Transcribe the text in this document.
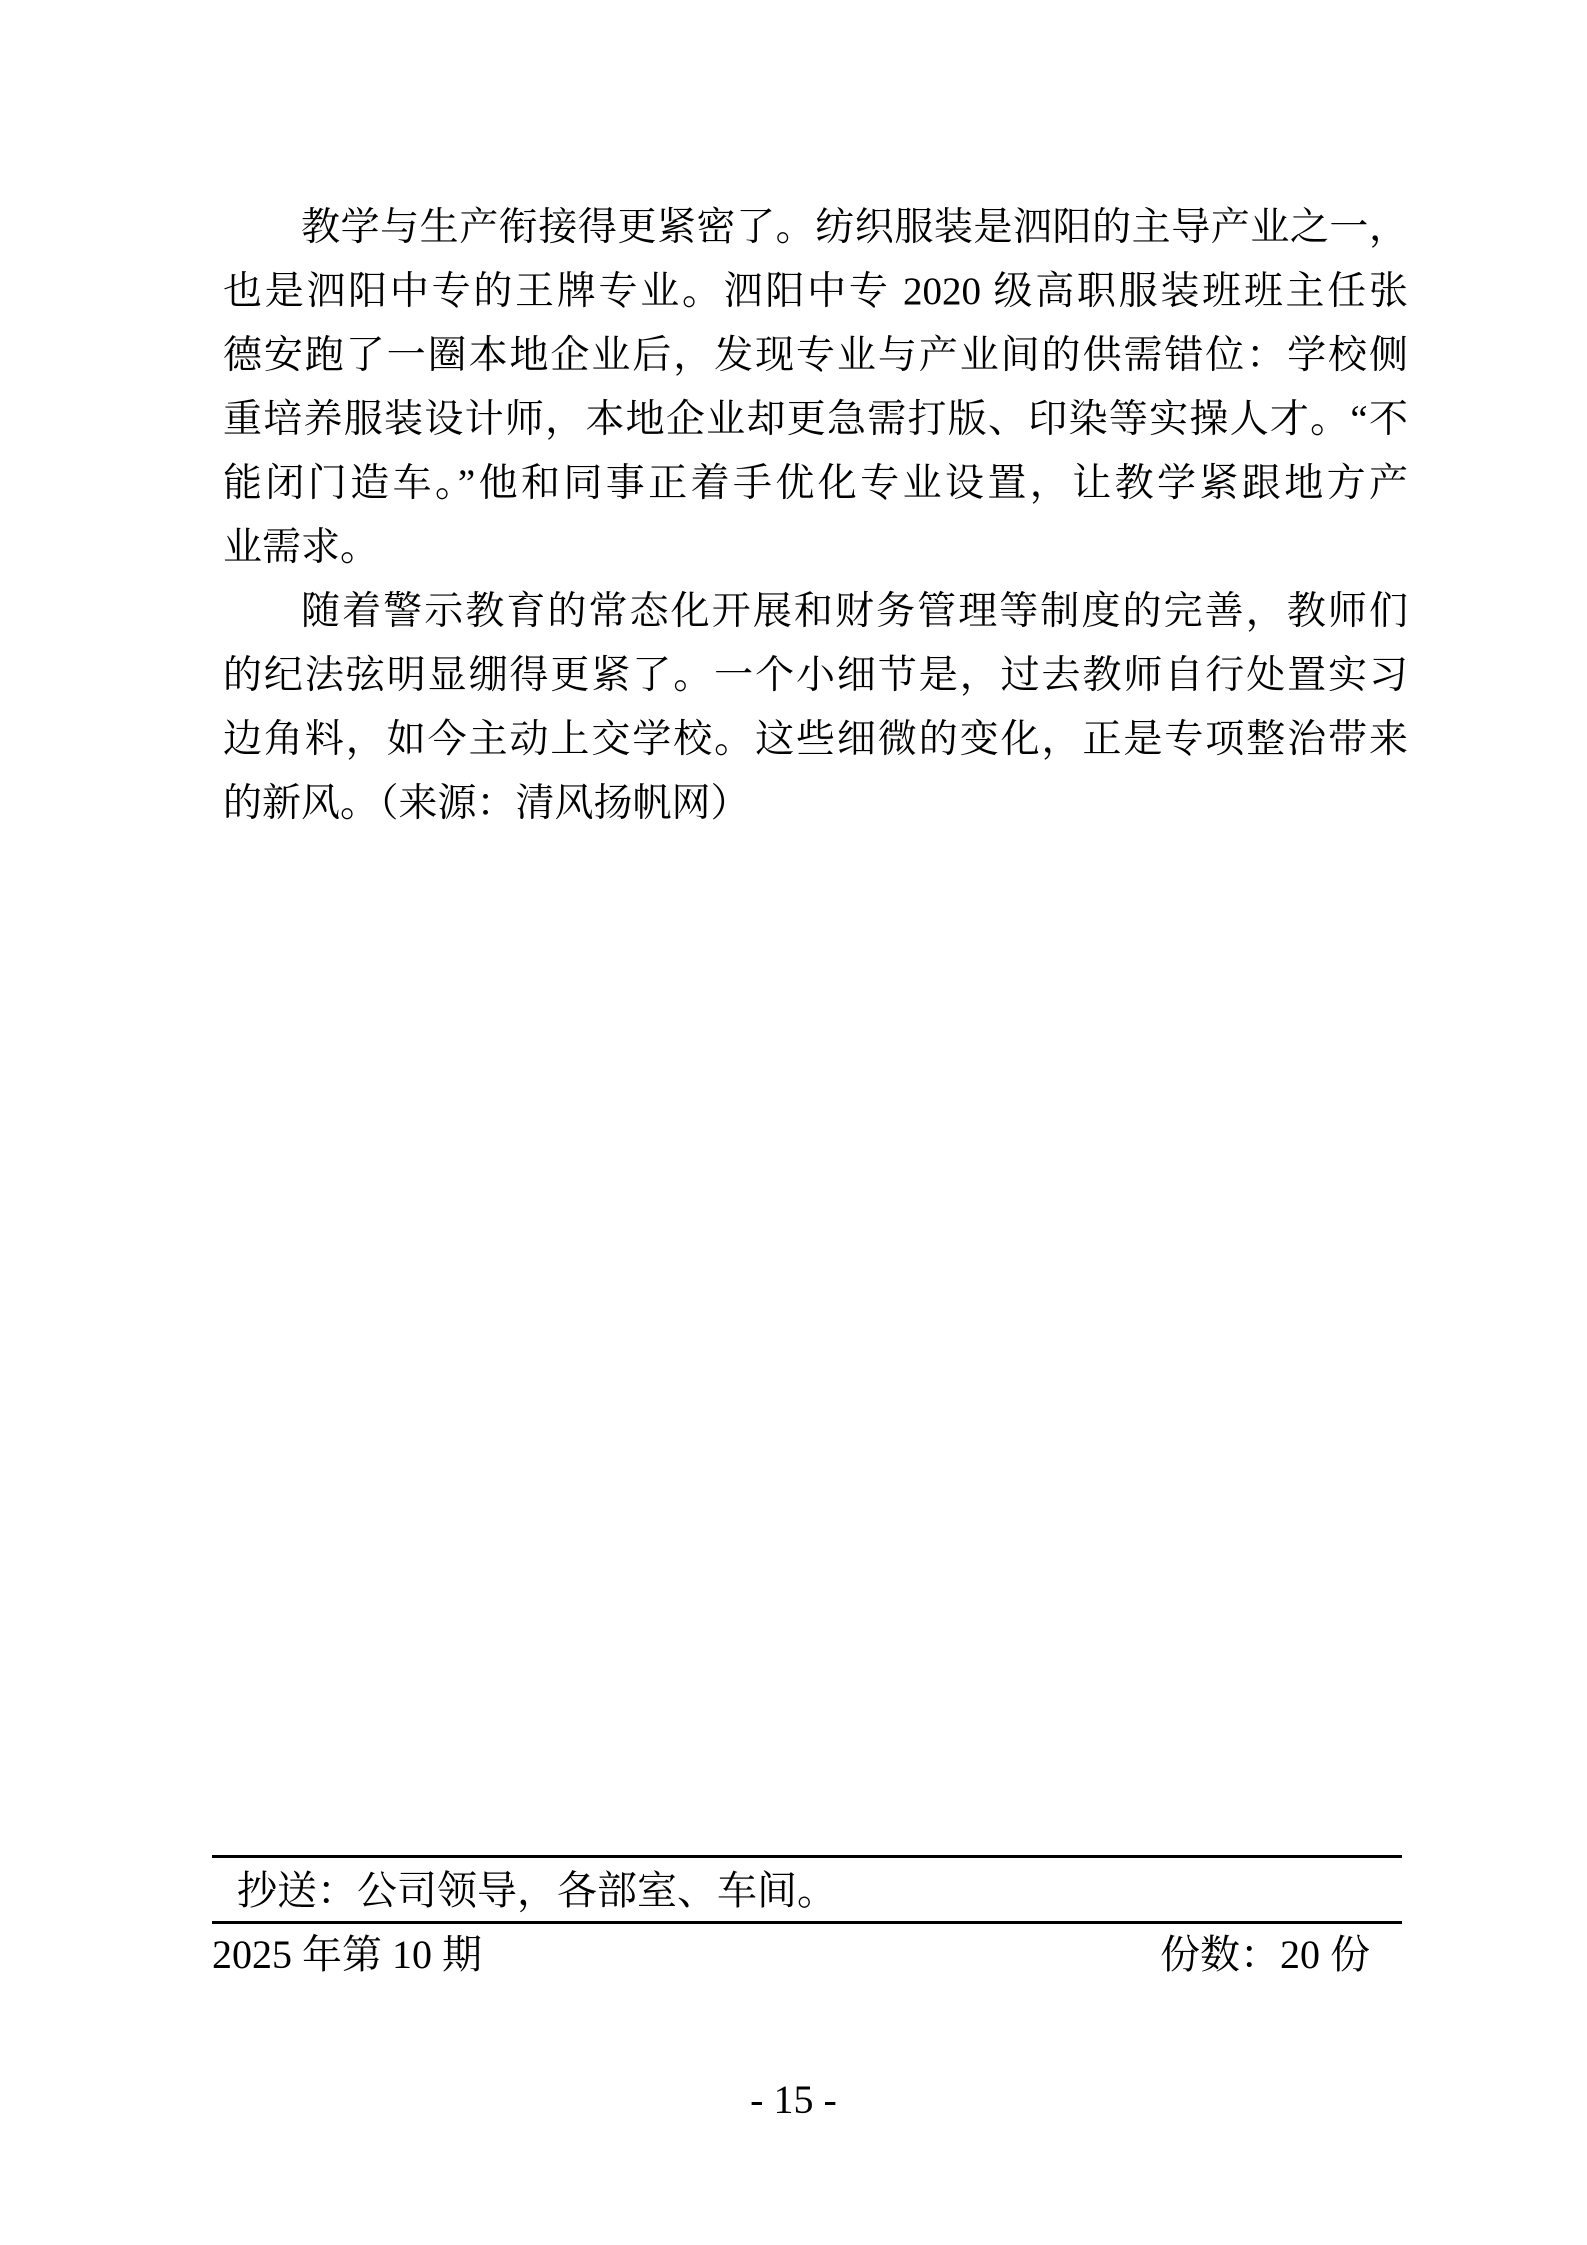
教学与生产衔接得更紧密了。纺织服装是泗阳的主导产业之一，
也是泗阳中专的王牌专业。泗阳中专 2020 级高职服装班班主任张
德安跑了一圈本地企业后，发现专业与产业间的供需错位：学校侧
重培养服装设计师，本地企业却更急需打版、印染等实操人才。“不
能闭门造车。”他和同事正着手优化专业设置，让教学紧跟地方产
业需求。
随着警示教育的常态化开展和财务管理等制度的完善，教师们
的纪法弦明显绷得更紧了。一个小细节是，过去教师自行处置实习
边角料，如今主动上交学校。这些细微的变化，正是专项整治带来
的新风。（来源：清风扬帆网）
抄送：公司领导，各部室、车间。
2025 年第 10 期	份数：20 份
- 15 -
